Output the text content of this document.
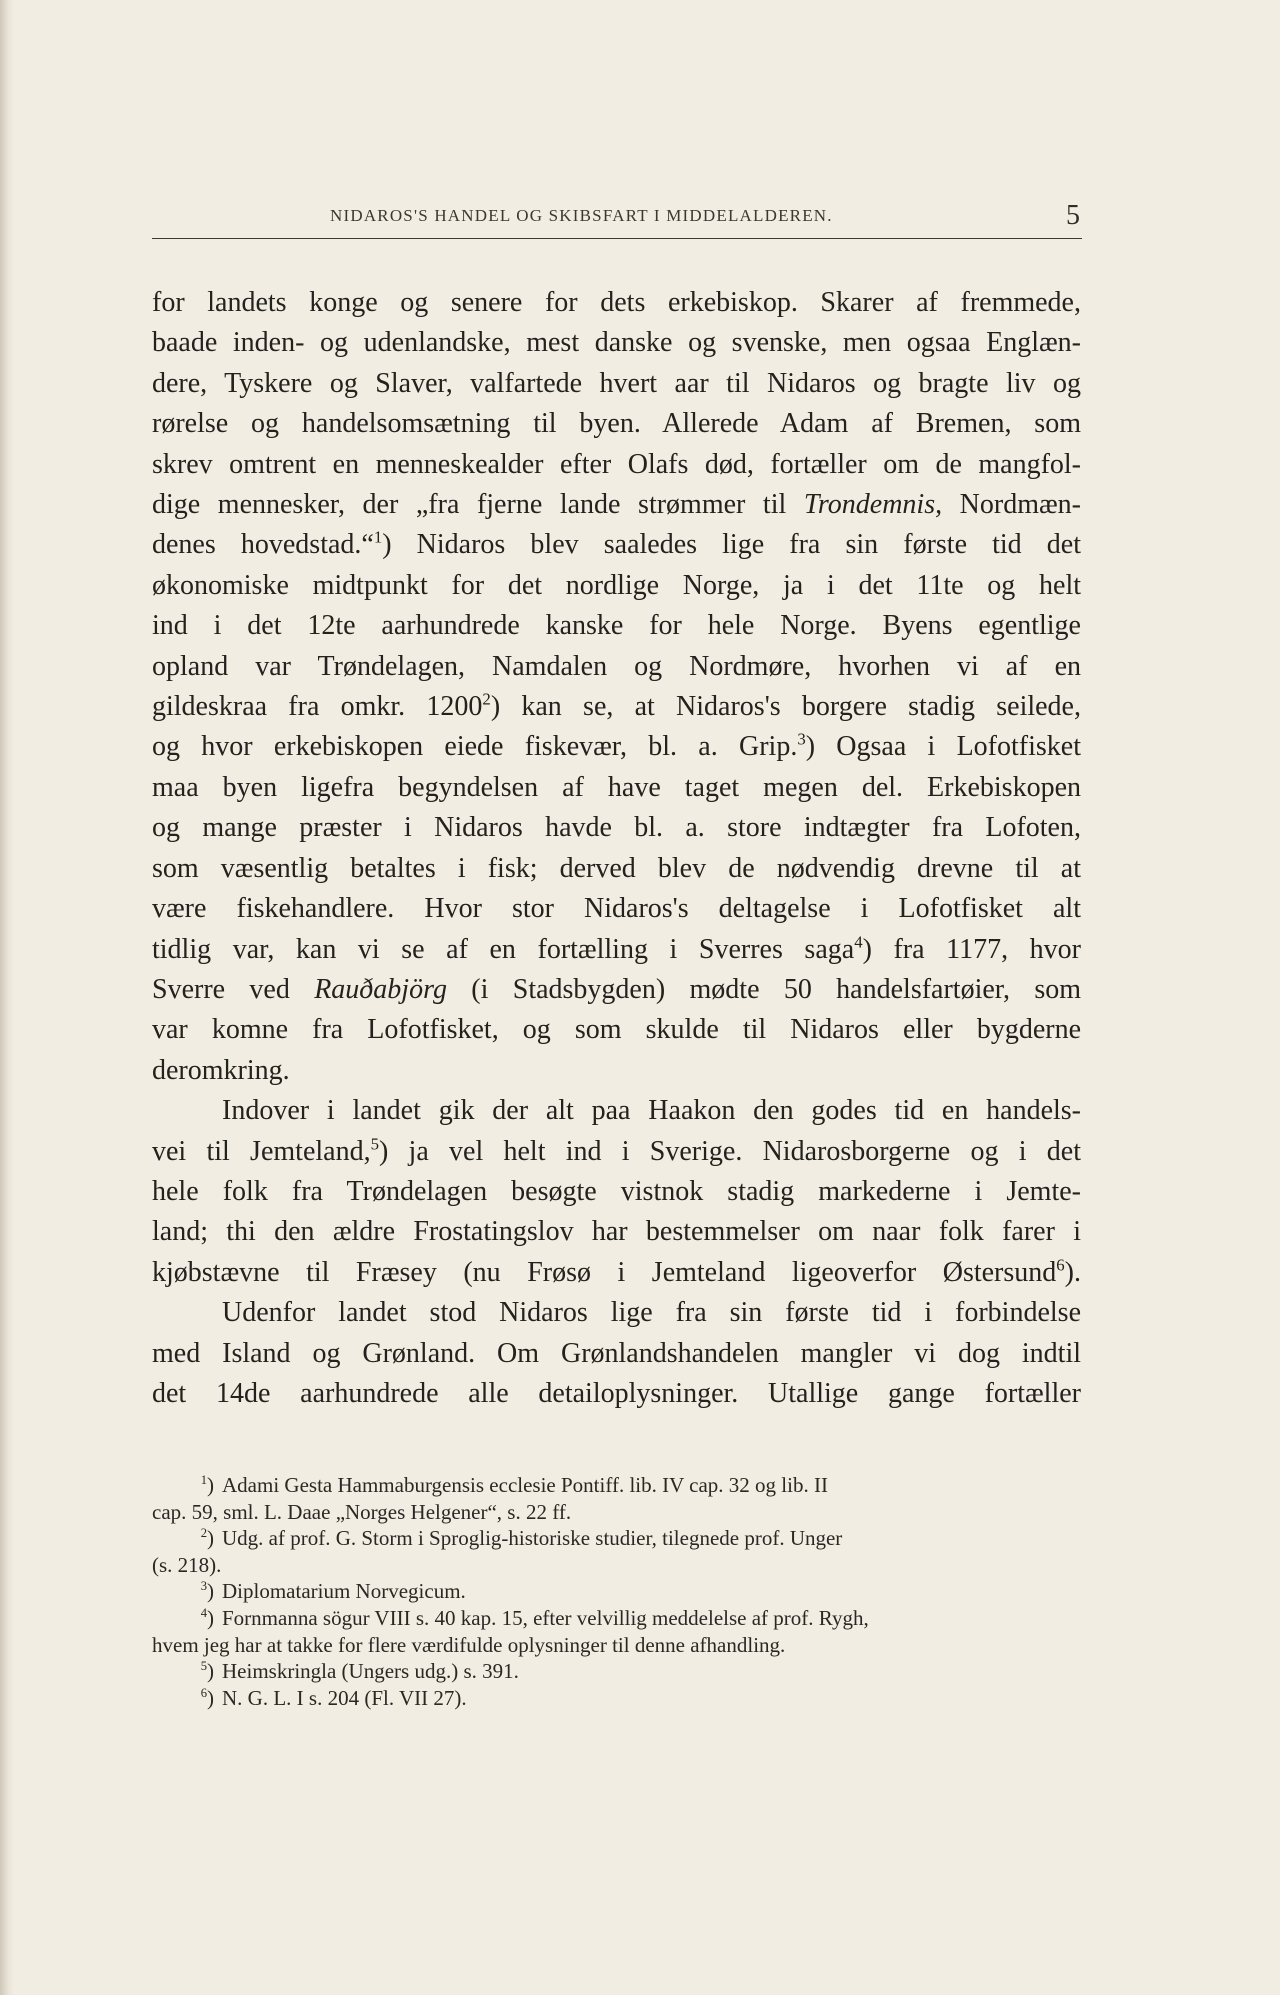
NIDAROS'S HANDEL OG SKIBSFART I MIDDELALDEREN.	5

for landets konge og senere for dets erkebiskop. Skarer af fremmede,
baade inden- og udenlandske, mest danske og svenske, men ogsaa Englæn-
dere, Tyskere og Slaver, valfartede hvert aar til Nidaros og bragte liv og
rørelse og handelsomsætning til byen. Allerede Adam af Bremen, som
skrev omtrent en menneskealder efter Olafs død, fortæller om de mangfol-
dige mennesker, der „fra fjerne lande strømmer til Trondemnis, Nordmæn-
denes hovedstad.“$^1$) Nidaros blev saaledes lige fra sin første tid det
økonomiske midtpunkt for det nordlige Norge, ja i det 11te og helt
ind i det 12te aarhundrede kanske for hele Norge. Byens egentlige
opland var Trøndelagen, Namdalen og Nordmøre, hvorhen vi af en
gildeskraa fra omkr. 1200$^2$) kan se, at Nidaros's borgere stadig seilede,
og hvor erkebiskopen eiede fiskevær, bl. a. Grip.$^3$) Ogsaa i Lofotfisket
maa byen ligefra begyndelsen af have taget megen del. Erkebiskopen
og mange præster i Nidaros havde bl. a. store indtægter fra Lofoten,
som væsentlig betaltes i fisk; derved blev de nødvendig drevne til at
være fiskehandlere. Hvor stor Nidaros's deltagelse i Lofotfisket alt
tidlig var, kan vi se af en fortælling i Sverres saga$^4$) fra 1177, hvor
Sverre ved Rauðabjörg (i Stadsbygden) mødte 50 handelsfartøier, som
var komne fra Lofotfisket, og som skulde til Nidaros eller bygderne
deromkring.

Indover i landet gik der alt paa Haakon den godes tid en handels-
vei til Jemteland,$^5$) ja vel helt ind i Sverige. Nidarosborgerne og i det
hele folk fra Trøndelagen besøgte vistnok stadig markederne i Jemte-
land; thi den ældre Frostatingslov har bestemmelser om naar folk farer i
kjøbstævne til Fræsey (nu Frøsø i Jemteland ligeoverfor Østersund$^6$).

Udenfor landet stod Nidaros lige fra sin første tid i forbindelse
med Island og Grønland. Om Grønlandshandelen mangler vi dog indtil
det 14de aarhundrede alle detailoplysninger. Utallige gange fortæller

$^1$) Adami Gesta Hammaburgensis ecclesie Pontiff. lib. IV cap. 32 og lib. II
cap. 59, sml. L. Daae „Norges Helgener“, s. 22 ff.

$^2$) Udg. af prof. G. Storm i Sproglig-historiske studier, tilegnede prof. Unger
(s. 218).

$^3$) Diplomatarium Norvegicum.

$^4$) Fornmanna sögur VIII s. 40 kap. 15, efter velvillig meddelelse af prof. Rygh,
hvem jeg har at takke for flere værdifulde oplysninger til denne afhandling.

$^5$) Heimskringla (Ungers udg.) s. 391.

$^6$) N. G. L. I s. 204 (Fl. VII 27).
